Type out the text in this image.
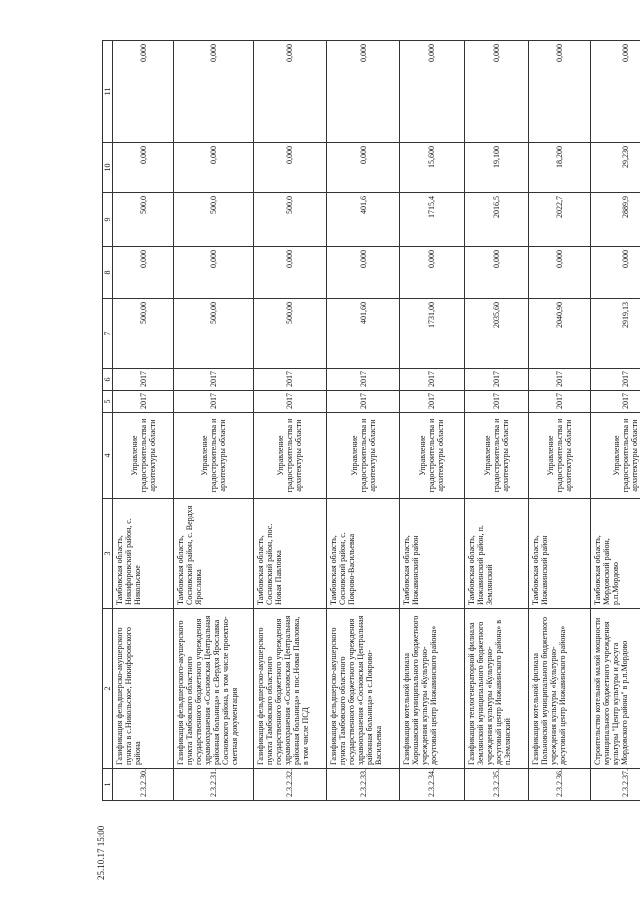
1	2	3	4	5	6	7	8	9	10	11
2.3.2.30.	Газификация фельдшерско-акушерского пункта в с.Никольское, Никифоровского района	Тамбовская область, Никифоровский район, с. Никольское	Управление градостроительства и архитектуры области	2017	2017	500,00	0,000	500,0	0,000	0,000
2.3.2.31.	Газификация фельдшерского-акушерского пункта Тамбовского областного государственного бюджетного учреждения здравоохранения «Сосновская Центральная районная больница» в с.Вердхя Ярославка Сосновского района, в том числе проектно-сметная документация	Тамбовская область, Сосновский район, с. Вердхя Ярославка	Управление градостроительства и архитектуры области	2017	2017	500,00	0,000	500,0	0,000	0,000
2.3.2.32.	Газификация фельдшерско-акушерского пункта Тамбовского областного государственного бюджетного учреждения здравоохранения «Сосновская Центральная районная больница» в пос.Новая Павловка, в том числе ПСД	Тамбовская область, Сосновский район, пос. Новая Павловка	Управление градостроительства и архитектуры области	2017	2017	500,00	0,000	500,0	0,000	0,000
2.3.2.33.	Газификация фельдшерско-акушерского пункта Тамбовского областного государственного бюджетного учреждения здравоохранения «Сосновская Центральная районная больница» в с.Покрово-Васильевка	Тамбовская область, Сосновский район, с. Покрово-Васильевка	Управление градостроительства и архитектуры области	2017	2017	401,60	0,000	401,6	0,000	0,000
2.3.2.34.	Газификация котельной филиала Хорошавский муниципального бюджетного учреждения культуры «Культурно-досуговый центр Инжавинского района»	Тамбовская область, Инжавинский район	Управление градостроительства и архитектуры области	2017	2017	1731,00	0,000	1715,4	15,600	0,000
2.3.2.35.	Газификация теплогенераторной филиала Землянский муниципального бюджетного учреждения культуры «Культурно-досуговый центр Инжавинского района» в п.Землянский	Тамбовская область, Инжавинский район, п. Землянский	Управление градостроительства и архитектуры области	2017	2017	2035,60	0,000	2016,5	19,100	0,000
2.3.2.36.	Газификация котельной филиала Польновский муниципального бюджетного учреждения культуры «Культурно-досуговый центр Инжавинского района»	Тамбовская область, Инжавинский район	Управление градостроительства и архитектуры области	2017	2017	2040,90	0,000	2022,7	18,200	0,000
2.3.2.37.	Строительство котельной малой мощности муниципального бюджетного учреждения культуры "Центр культуры и досуга Мордовского района" в р.п.Мордово	Тамбовская область, Мордовский район, р.п.Мордово	Управление градостроительства и архитектуры области	2017	2017	2919,13	0,000	2889,9	29,230	0,000
25.10.17 15:00
